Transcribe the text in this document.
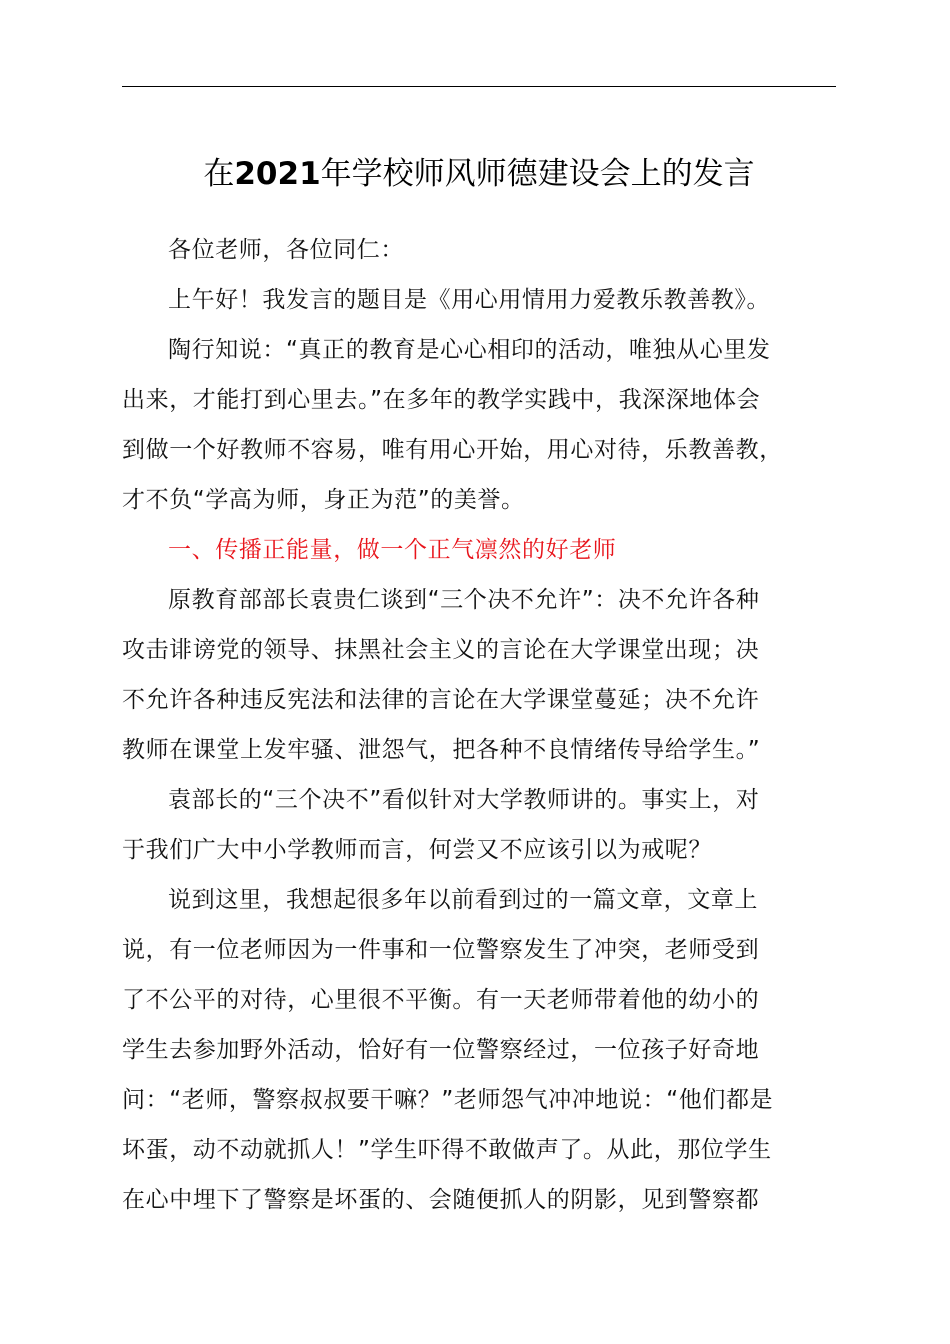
在2021年学校师风师德建设会上的发言

各位老师，各位同仁：

上午好！我发言的题目是《用心用情用力爱教乐教善教》。

陶行知说：“真正的教育是心心相印的活动，唯独从心里发
出来，才能打到心里去。”在多年的教学实践中，我深深地体会
到做一个好教师不容易，唯有用心开始，用心对待，乐教善教，
才不负“学高为师，身正为范”的美誉。

一、传播正能量，做一个正气凛然的好老师

原教育部部长袁贵仁谈到“三个决不允许”：决不允许各种
攻击诽谤党的领导、抹黑社会主义的言论在大学课堂出现；决
不允许各种违反宪法和法律的言论在大学课堂蔓延；决不允许
教师在课堂上发牢骚、泄怨气，把各种不良情绪传导给学生。”

袁部长的“三个决不”看似针对大学教师讲的。事实上，对
于我们广大中小学教师而言，何尝又不应该引以为戒呢？

说到这里，我想起很多年以前看到过的一篇文章，文章上
说，有一位老师因为一件事和一位警察发生了冲突，老师受到
了不公平的对待，心里很不平衡。有一天老师带着他的幼小的
学生去参加野外活动，恰好有一位警察经过，一位孩子好奇地
问：“老师，警察叔叔要干嘛？”老师怨气冲冲地说：“他们都是
坏蛋，动不动就抓人！”学生吓得不敢做声了。从此，那位学生
在心中埋下了警察是坏蛋的、会随便抓人的阴影，见到警察都
